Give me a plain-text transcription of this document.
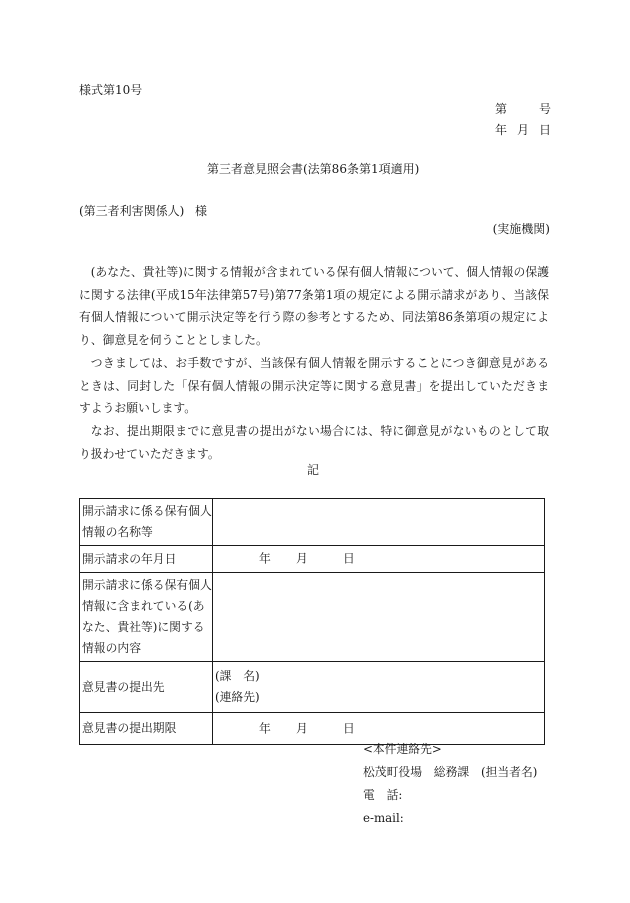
様式第10号
第	号
年 月 日
第三者意見照会書(法第86条第1項適用)
(第三者利害関係人) 様
(実施機関)

(あなた、貴社等)に関する情報が含まれている保有個人情報について、個人情報の保護に関する法律(平成15年法律第57号)第77条第1項の規定による開示請求があり、当該保有個人情報について開示決定等を行う際の参考とするため、同法第86条第項の規定により、御意見を伺うこととしました。

つきましては、お手数ですが、当該保有個人情報を開示することにつき御意見があるときは、同封した「保有個人情報の開示決定等に関する意見書」を提出していただきますようお願いします。

なお、提出期限までに意見書の提出がない場合には、特に御意見がないものとして取り扱わせていただきます。

記
開示請求に係る保有個人情報の名称等	
開示請求の年月日	年 月 日

開示請求に係る保有個人情報に含まれている(あなた、貴社等)に関する情報の内容	
意見書の提出先	(課　名)
(連絡先)

意見書の提出期限	年 月 日
<本件連絡先>
松茂町役場　総務課　(担当者名)
電　話:
e-mail:
